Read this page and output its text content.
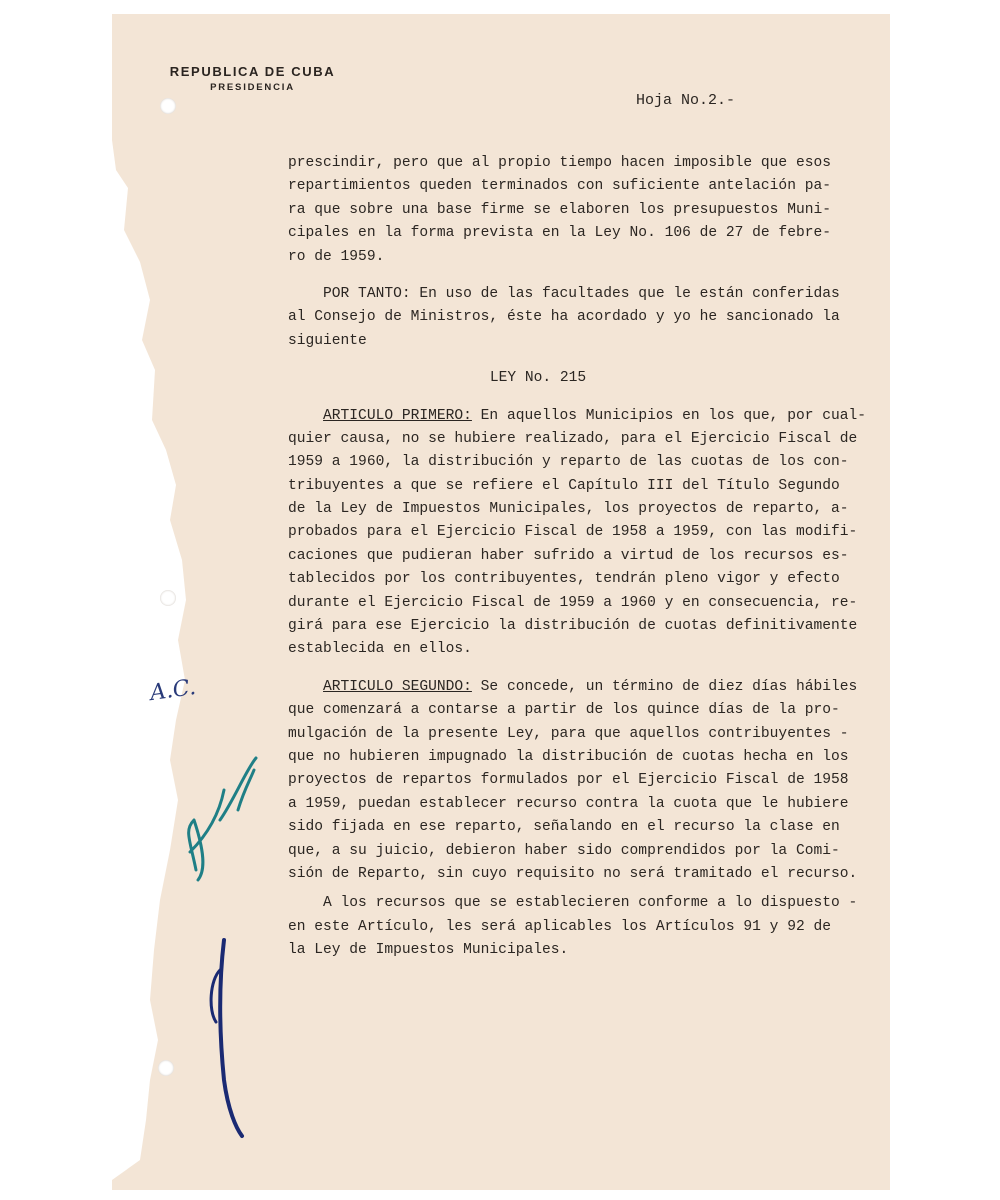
REPUBLICA DE CUBA
PRESIDENCIA
Hoja No.2.-
A.C.
prescindir, pero que al propio tiempo hacen imposible que esos
repartimientos queden terminados con suficiente antelación pa-
ra que sobre una base firme se elaboren los presupuestos Muni-
cipales en la forma prevista en la Ley No. 106 de 27 de febre-
ro de 1959.
POR TANTO: En uso de las facultades que le están conferidas
al Consejo de Ministros, éste ha acordado y yo he sancionado la
siguiente
LEY No. 215
ARTICULO PRIMERO: En aquellos Municipios en los que, por cual-
quier causa, no se hubiere realizado, para el Ejercicio Fiscal de
1959 a 1960, la distribución y reparto de las cuotas de los con-
tribuyentes a que se refiere el Capítulo III del Título Segundo
de la Ley de Impuestos Municipales, los proyectos de reparto, a-
probados para el Ejercicio Fiscal de 1958 a 1959, con las modifi-
caciones que pudieran haber sufrido a virtud de los recursos es-
tablecidos por los contribuyentes, tendrán pleno vigor y efecto
durante el Ejercicio Fiscal de 1959 a 1960 y en consecuencia, re-
girá para ese Ejercicio la distribución de cuotas definitivamente
establecida en ellos.
ARTICULO SEGUNDO: Se concede, un término de diez días hábiles
que comenzará a contarse a partir de los quince días de la pro-
mulgación de la presente Ley, para que aquellos contribuyentes -
que no hubieren impugnado la distribución de cuotas hecha en los
proyectos de repartos formulados por el Ejercicio Fiscal de 1958
a 1959, puedan establecer recurso contra la cuota que le hubiere
sido fijada en ese reparto, señalando en el recurso la clase en
que, a su juicio, debieron haber sido comprendidos por la Comi-
sión de Reparto, sin cuyo requisito no será tramitado el recurso.
A los recursos que se establecieren conforme a lo dispuesto -
en este Artículo, les será aplicables los Artículos 91 y 92 de
la Ley de Impuestos Municipales.
